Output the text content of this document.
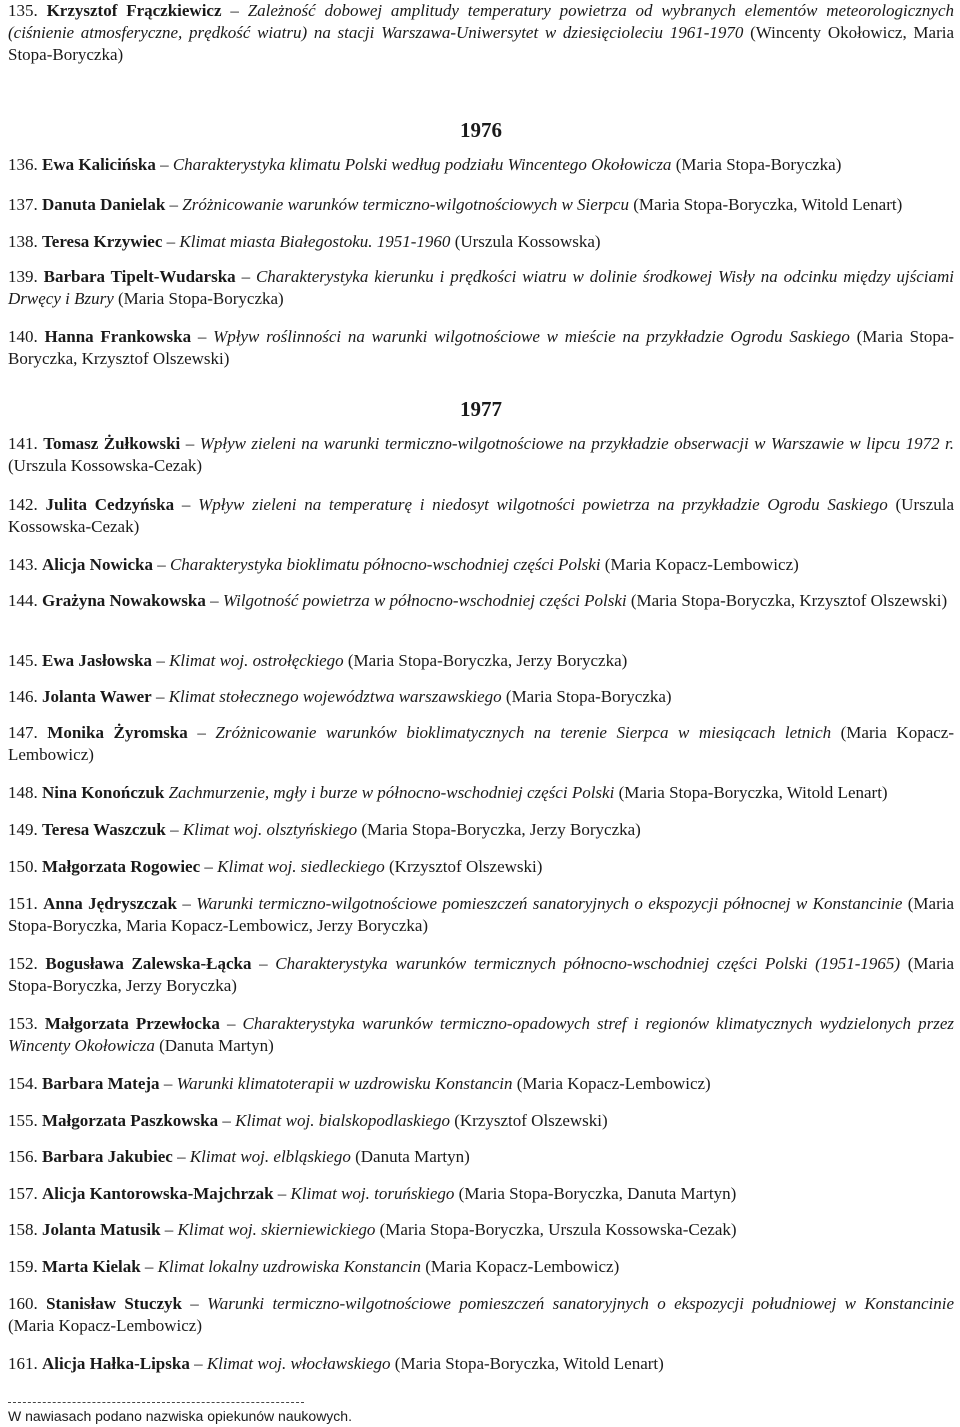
135. Krzysztof Frączkiewicz – Zależność dobowej amplitudy temperatury powietrza od wybranych elementów meteorologicznych (ciśnienie atmosferyczne, prędkość wiatru) na stacji Warszawa-Uniwersytet w dziesięcioleciu 1961-1970 (Wincenty Okołowicz, Maria Stopa-Boryczka)

1976

136. Ewa Kalicińska – Charakterystyka klimatu Polski według podziału Wincentego Okołowicza (Maria Stopa-Boryczka)

137. Danuta Danielak – Zróżnicowanie warunków termiczno-wilgotnościowych w Sierpcu (Maria Stopa-Boryczka, Witold Lenart)

138. Teresa Krzywiec – Klimat miasta Białegostoku. 1951-1960 (Urszula Kossowska)

139. Barbara Tipelt-Wudarska – Charakterystyka kierunku i prędkości wiatru w dolinie środkowej Wisły na odcinku między ujściami Drwęcy i Bzury (Maria Stopa-Boryczka)

140. Hanna Frankowska – Wpływ roślinności na warunki wilgotnościowe w mieście na przykładzie Ogrodu Saskiego (Maria Stopa-Boryczka, Krzysztof Olszewski)

1977

141. Tomasz Żułkowski – Wpływ zieleni na warunki termiczno-wilgotnościowe na przykładzie obserwacji w Warszawie w lipcu 1972 r. (Urszula Kossowska-Cezak)

142. Julita Cedzyńska – Wpływ zieleni na temperaturę i niedosyt wilgotności powietrza na przykładzie Ogrodu Saskiego (Urszula Kossowska-Cezak)

143. Alicja Nowicka – Charakterystyka bioklimatu północno-wschodniej części Polski (Maria Kopacz-Lembowicz)

144. Grażyna Nowakowska – Wilgotność powietrza w północno-wschodniej części Polski (Maria Stopa-Boryczka, Krzysztof Olszewski)

145. Ewa Jasłowska – Klimat woj. ostrołęckiego (Maria Stopa-Boryczka, Jerzy Boryczka)

146. Jolanta Wawer – Klimat stołecznego województwa warszawskiego (Maria Stopa-Boryczka)

147. Monika Żyromska – Zróżnicowanie warunków bioklimatycznych na terenie Sierpca w miesiącach letnich (Maria Kopacz-Lembowicz)

148. Nina Konończuk Zachmurzenie, mgły i burze w północno-wschodniej części Polski (Maria Stopa-Boryczka, Witold Lenart)

149. Teresa Waszczuk – Klimat woj. olsztyńskiego (Maria Stopa-Boryczka, Jerzy Boryczka)

150. Małgorzata Rogowiec – Klimat woj. siedleckiego (Krzysztof Olszewski)

151. Anna Jędryszczak – Warunki termiczno-wilgotnościowe pomieszczeń sanatoryjnych o ekspozycji północnej w Konstancinie (Maria Stopa-Boryczka, Maria Kopacz-Lembowicz, Jerzy Boryczka)

152. Bogusława Zalewska-Łącka – Charakterystyka warunków termicznych północno-wschodniej części Polski (1951-1965) (Maria Stopa-Boryczka, Jerzy Boryczka)

153. Małgorzata Przewłocka – Charakterystyka warunków termiczno-opadowych stref i regionów klimatycznych wydzielonych przez Wincenty Okołowicza (Danuta Martyn)

154. Barbara Mateja – Warunki klimatoterapii w uzdrowisku Konstancin (Maria Kopacz-Lembowicz)

155. Małgorzata Paszkowska – Klimat woj. bialskopodlaskiego (Krzysztof Olszewski)

156. Barbara Jakubiec – Klimat woj. elbląskiego (Danuta Martyn)

157. Alicja Kantorowska-Majchrzak – Klimat woj. toruńskiego (Maria Stopa-Boryczka, Danuta Martyn)

158. Jolanta Matusik – Klimat woj. skierniewickiego (Maria Stopa-Boryczka, Urszula Kossowska-Cezak)

159. Marta Kielak – Klimat lokalny uzdrowiska Konstancin (Maria Kopacz-Lembowicz)

160. Stanisław Stuczyk – Warunki termiczno-wilgotnościowe pomieszczeń sanatoryjnych o ekspozycji południowej w Konstancinie (Maria Kopacz-Lembowicz)

161. Alicja Hałka-Lipska – Klimat woj. włocławskiego (Maria Stopa-Boryczka, Witold Lenart)

W nawiasach podano nazwiska opiekunów naukowych.
